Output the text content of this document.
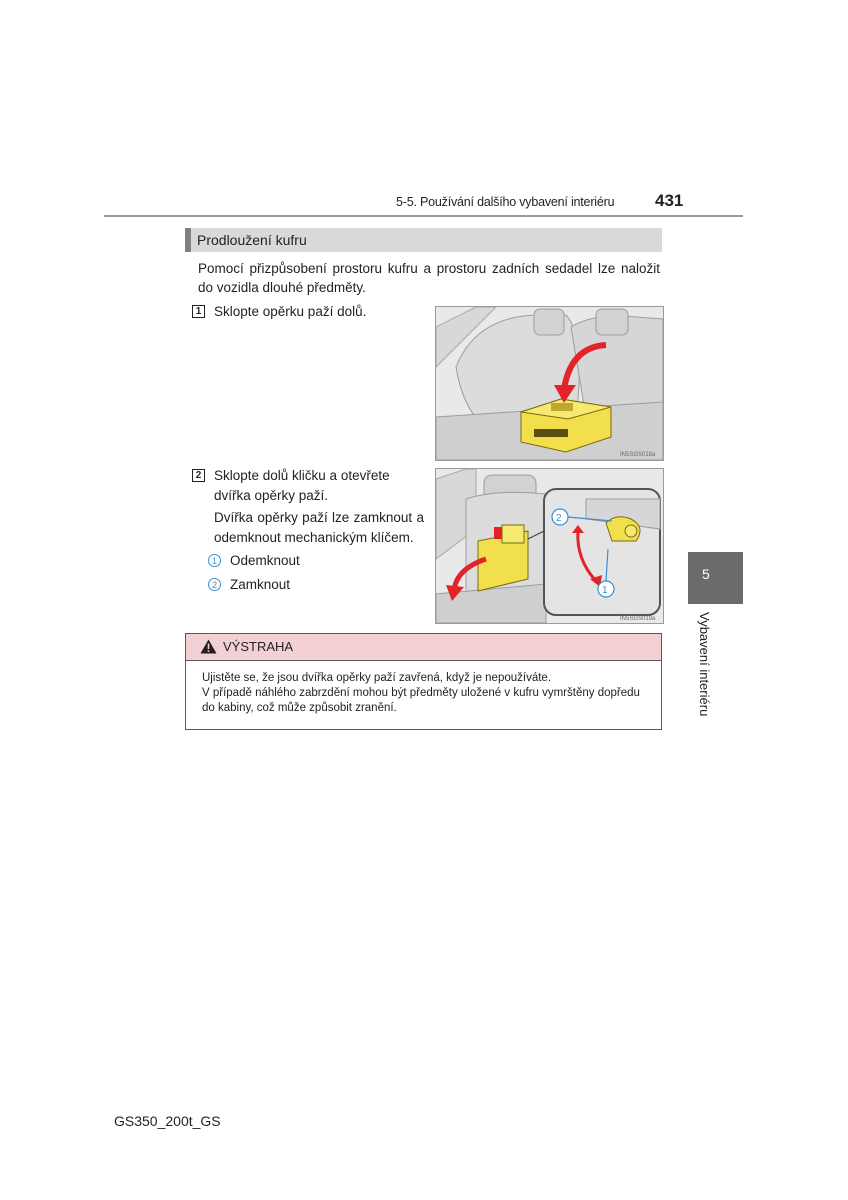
5-5. Používání dalšího vybavení interiéru 431
Prodloužení kufru
Pomocí přizpůsobení prostoru kufru a prostoru zadních sedadel lze naložit do vozidla dlouhé předměty.
1 Sklopte opěrku paží dolů.
IN5SGS018a
2 Sklopte dolů kličku a otevřete dvířka opěrky paží.
Dvířka opěrky paží lze zamknout a odemknout mechanickým klíčem.
1 Odemknout
2 Zamknout
2
1
IN5SGS019a
VÝSTRAHA
Ujistěte se, že jsou dvířka opěrky paží zavřená, když je nepoužíváte.
V případě náhlého zabrzdění mohou být předměty uložené v kufru vymrštěny dopředu do kabiny, což může způsobit zranění.
5
Vybavení interiéru
GS350_200t_GS
